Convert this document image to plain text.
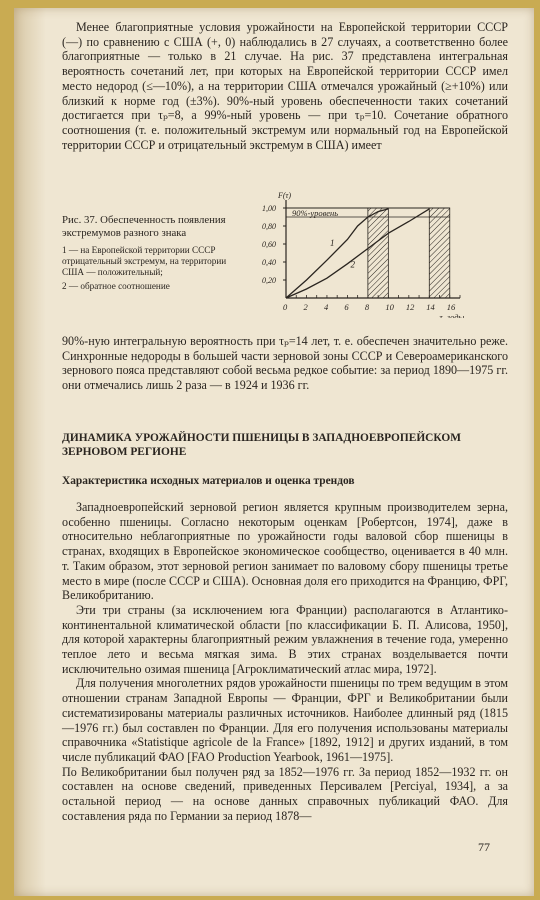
Менее благоприятные условия урожайности на Европейской территории СССР (—) по сравнению с США (+, 0) наблюдались в 27 случаях, а соответственно более благоприятные — только в 21 случае. На рис. 37 представлена интегральная вероятность сочетаний лет, при которых на Европейской территории СССР имел место недород (≤—10%), а на территории США отмечался урожайный (≥+10%) или близкий к норме год (±3%). 90%-ный уровень обеспеченности таких сочетаний достигается при τₚ=8, а 99%-ный уровень — при τₚ=10. Сочетание обратного соотношения (т. е. положительный экстремум или нормальный год на Европейской территории СССР и отрицательный экстремум в США) имеет

Рис. 37. Обеспеченность появления экстремумов разного знака
1 — на Европейской территории СССР отрицательный экстремум, на территории США — положительный;
2 — обратное соотношение
90%-уровень
F(τ)
1,00
0,80
0,60
0,40
0,20
0 2 4 6 8 10 12 14 16
τ, годы
1
2

90%-ную интегральную вероятность при τₚ=14 лет, т. е. обеспечен значительно реже. Синхронные недороды в большей части зерновой зоны СССР и Североамериканского зернового пояса представляют собой весьма редкое событие: за период 1890—1975 гг. они отмечались лишь 2 раза — в 1924 и 1936 гг.

ДИНАМИКА УРОЖАЙНОСТИ ПШЕНИЦЫ В ЗАПАДНОЕВРОПЕЙСКОМ ЗЕРНОВОМ РЕГИОНЕ
Характеристика исходных материалов и оценка трендов

Западноевропейский зерновой регион является крупным производителем зерна, особенно пшеницы. Согласно некоторым оценкам [Робертсон, 1974], даже в относительно неблагоприятные по урожайности годы валовой сбор пшеницы в странах, входящих в Европейское экономическое сообщество, оценивается в 40 млн. т. Таким образом, этот зерновой регион занимает по валовому сбору пшеницы третье место в мире (после СССР и США). Основная доля его приходится на Францию, ФРГ, Великобританию.

Эти три страны (за исключением юга Франции) располагаются в Атлантико-континентальной климатической области [по классификации Б. П. Алисова, 1950], для которой характерны благоприятный режим увлажнения в течение года, умеренно теплое лето и весьма мягкая зима. В этих странах возделывается почти исключительно озимая пшеница [Агроклиматический атлас мира, 1972].

Для получения многолетних рядов урожайности пшеницы по трем ведущим в этом отношении странам Западной Европы — Франции, ФРГ и Великобритании были систематизированы материалы различных источников. Наиболее длинный ряд (1815—1976 гг.) был составлен по Франции. Для его получения использованы материалы справочника «Statistique agricole de la France» [1892, 1912] и других изданий, в том числе публикаций ФАО [FAO Production Yearbook, 1961—1975].

По Великобритании был получен ряд за 1852—1976 гг. За период 1852—1932 гг. он составлен на основе сведений, приведенных Персивалем [Perciyal, 1934], а за остальной период — на основе данных справочных публикаций ФАО. Для составления ряда по Германии за период 1878—

77
